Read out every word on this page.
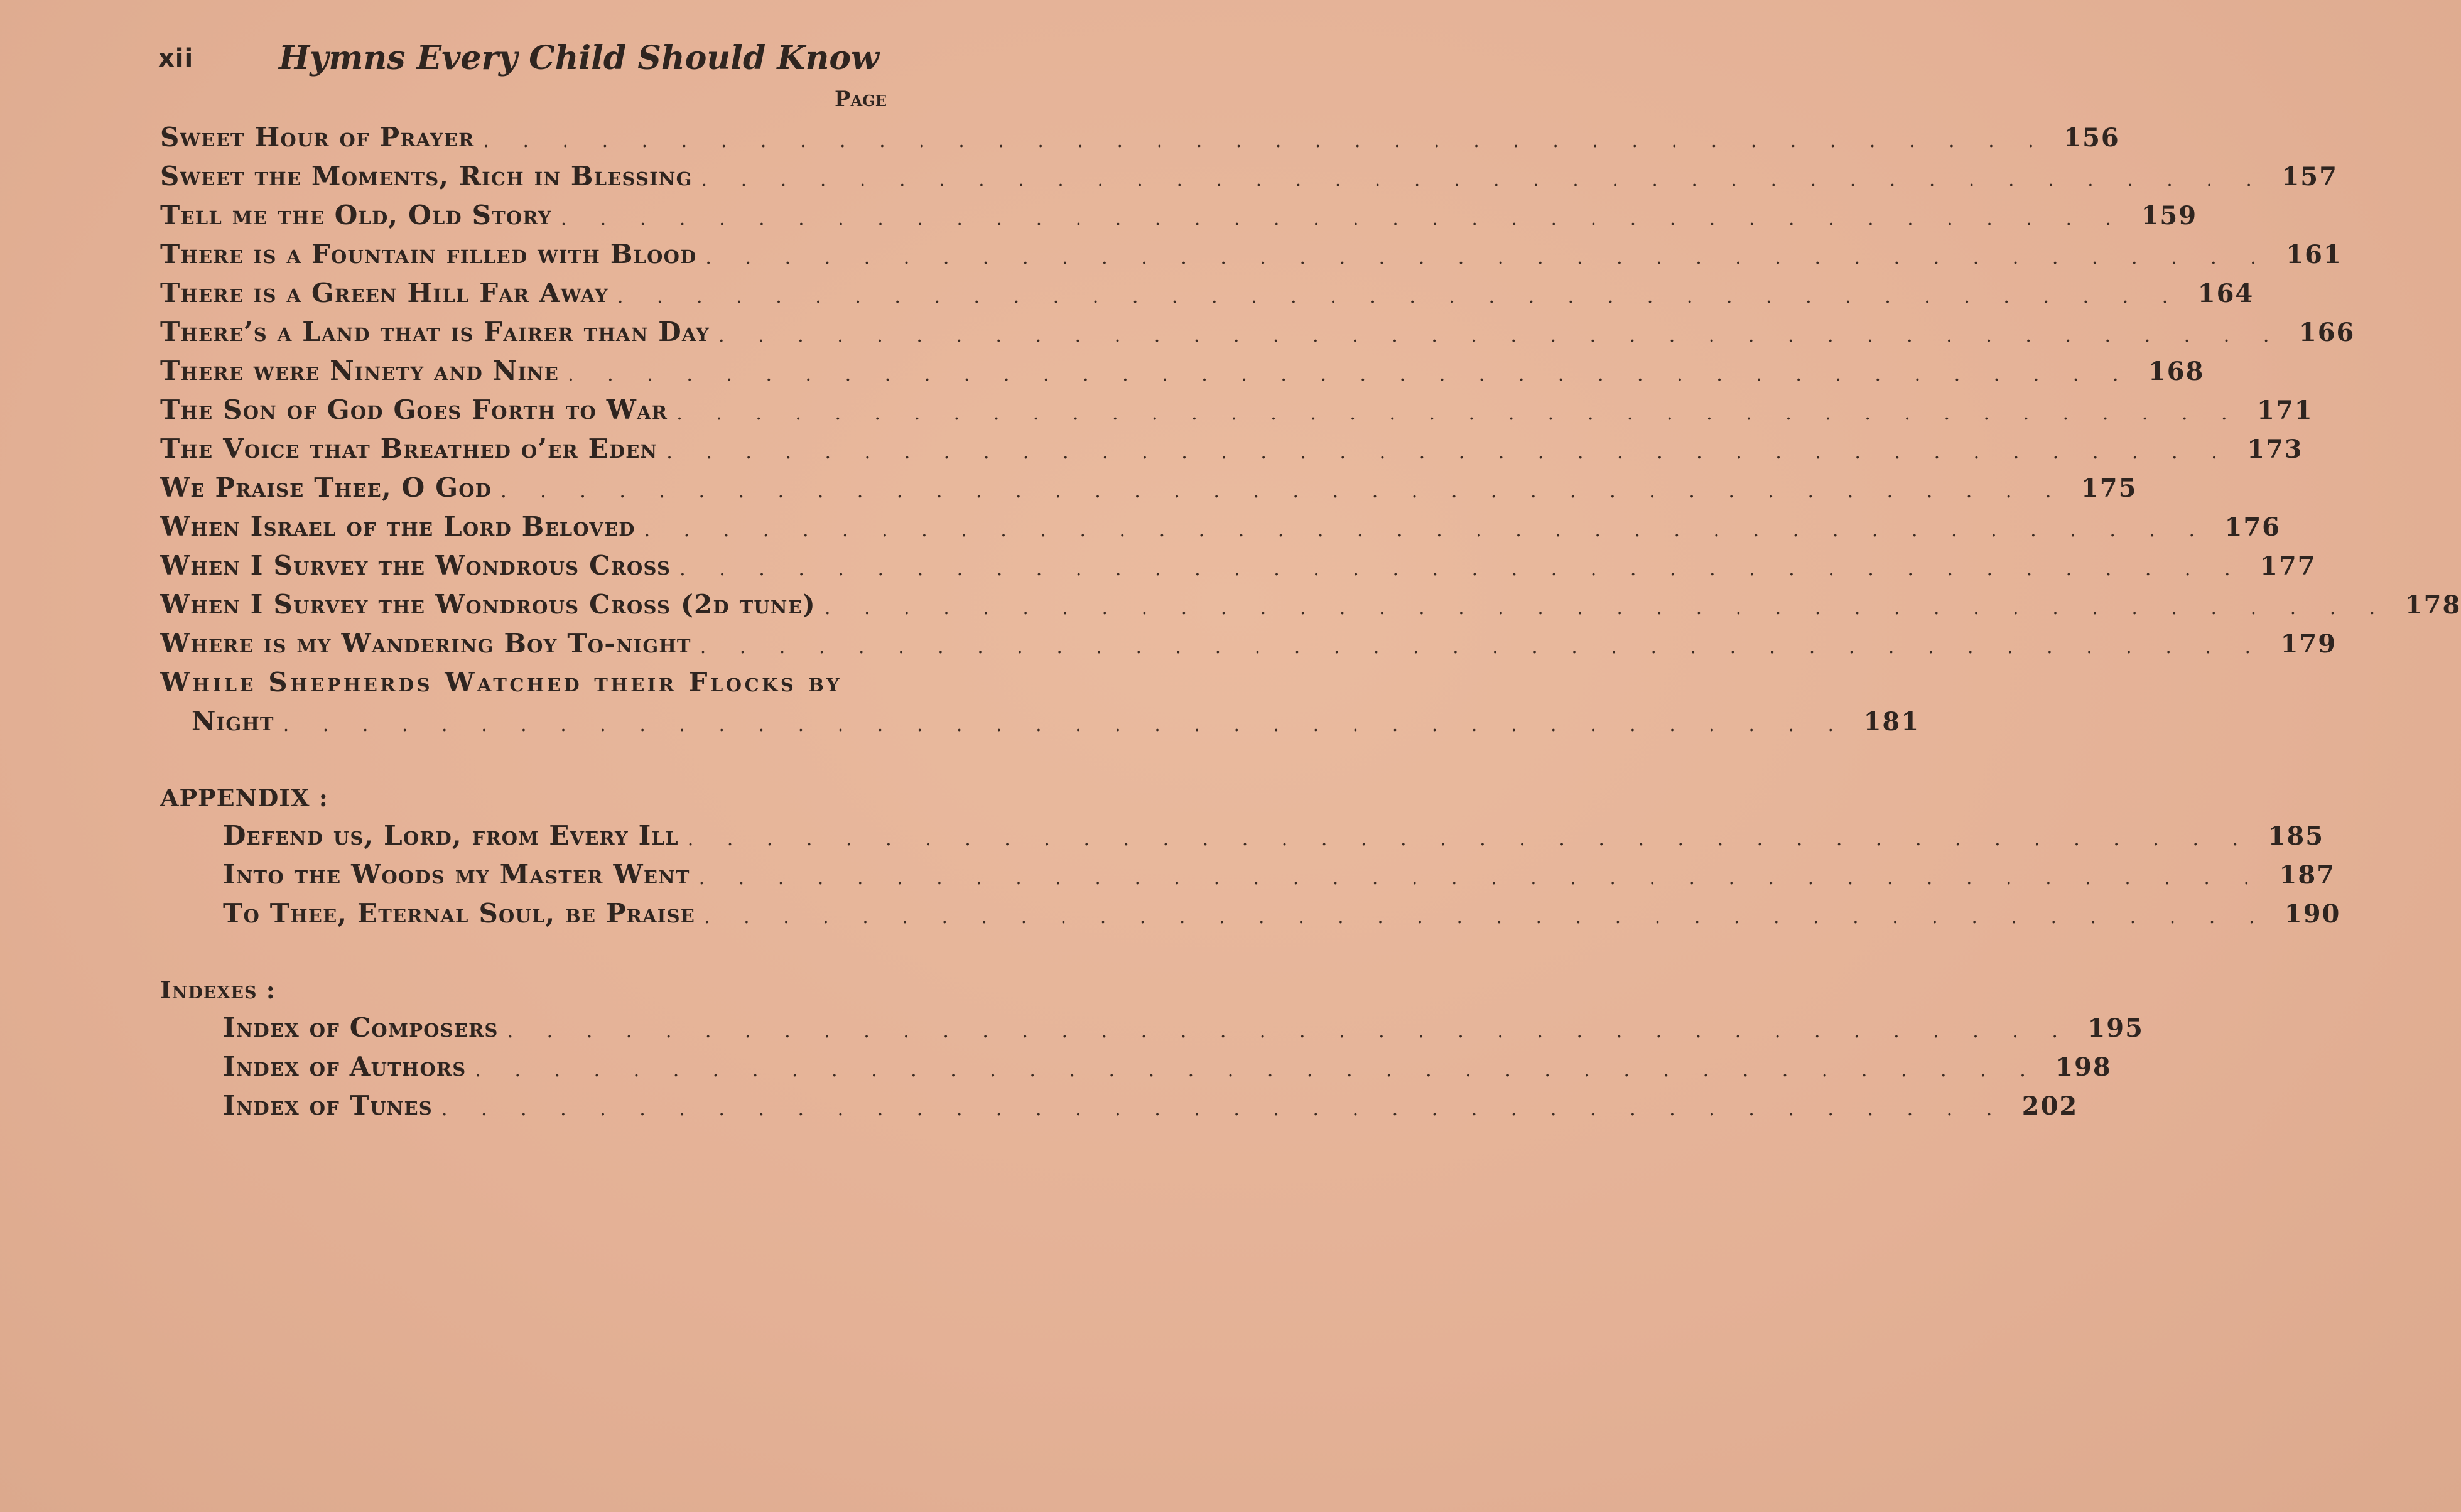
xii	Hymns Every Child Should Know
Page
Sweet Hour of Prayer . . . . . . . . . . . . . . . . . . . . . . . . . . . . . . . . . . . . . . . . 156
Sweet the Moments, Rich in Blessing . . . . . . . . . . . . . . . . . . . . . . . . . . . . . . . . . . . . . . . . 157
Tell me the Old, Old Story . . . . . . . . . . . . . . . . . . . . . . . . . . . . . . . . . . . . . . . . 159
There is a Fountain filled with Blood . . . . . . . . . . . . . . . . . . . . . . . . . . . . . . . . . . . . . . . . 161
There is a Green Hill Far Away . . . . . . . . . . . . . . . . . . . . . . . . . . . . . . . . . . . . . . . . 164
There’s a Land that is Fairer than Day . . . . . . . . . . . . . . . . . . . . . . . . . . . . . . . . . . . . . . . . 166
There were Ninety and Nine . . . . . . . . . . . . . . . . . . . . . . . . . . . . . . . . . . . . . . . . 168
The Son of God Goes Forth to War . . . . . . . . . . . . . . . . . . . . . . . . . . . . . . . . . . . . . . . . 171
The Voice that Breathed o’er Eden . . . . . . . . . . . . . . . . . . . . . . . . . . . . . . . . . . . . . . . . 173
We Praise Thee, O God . . . . . . . . . . . . . . . . . . . . . . . . . . . . . . . . . . . . . . . . 175
When Israel of the Lord Beloved . . . . . . . . . . . . . . . . . . . . . . . . . . . . . . . . . . . . . . . . 176
When I Survey the Wondrous Cross . . . . . . . . . . . . . . . . . . . . . . . . . . . . . . . . . . . . . . . . 177
When I Survey the Wondrous Cross (2d tune) . . . . . . . . . . . . . . . . . . . . . . . . . . . . . . . . . . . . . . . . 178
Where is my Wandering Boy To-night . . . . . . . . . . . . . . . . . . . . . . . . . . . . . . . . . . . . . . . . 179
While Shepherds Watched their Flocks by
Night . . . . . . . . . . . . . . . . . . . . . . . . . . . . . . . . . . . . . . . . 181
APPENDIX :
Defend us, Lord, from Every Ill . . . . . . . . . . . . . . . . . . . . . . . . . . . . . . . . . . . . . . . . 185
Into the Woods my Master Went . . . . . . . . . . . . . . . . . . . . . . . . . . . . . . . . . . . . . . . . 187
To Thee, Eternal Soul, be Praise . . . . . . . . . . . . . . . . . . . . . . . . . . . . . . . . . . . . . . . . 190
Indexes :
Index of Composers . . . . . . . . . . . . . . . . . . . . . . . . . . . . . . . . . . . . . . . . 195
Index of Authors . . . . . . . . . . . . . . . . . . . . . . . . . . . . . . . . . . . . . . . . 198
Index of Tunes . . . . . . . . . . . . . . . . . . . . . . . . . . . . . . . . . . . . . . . . 202
